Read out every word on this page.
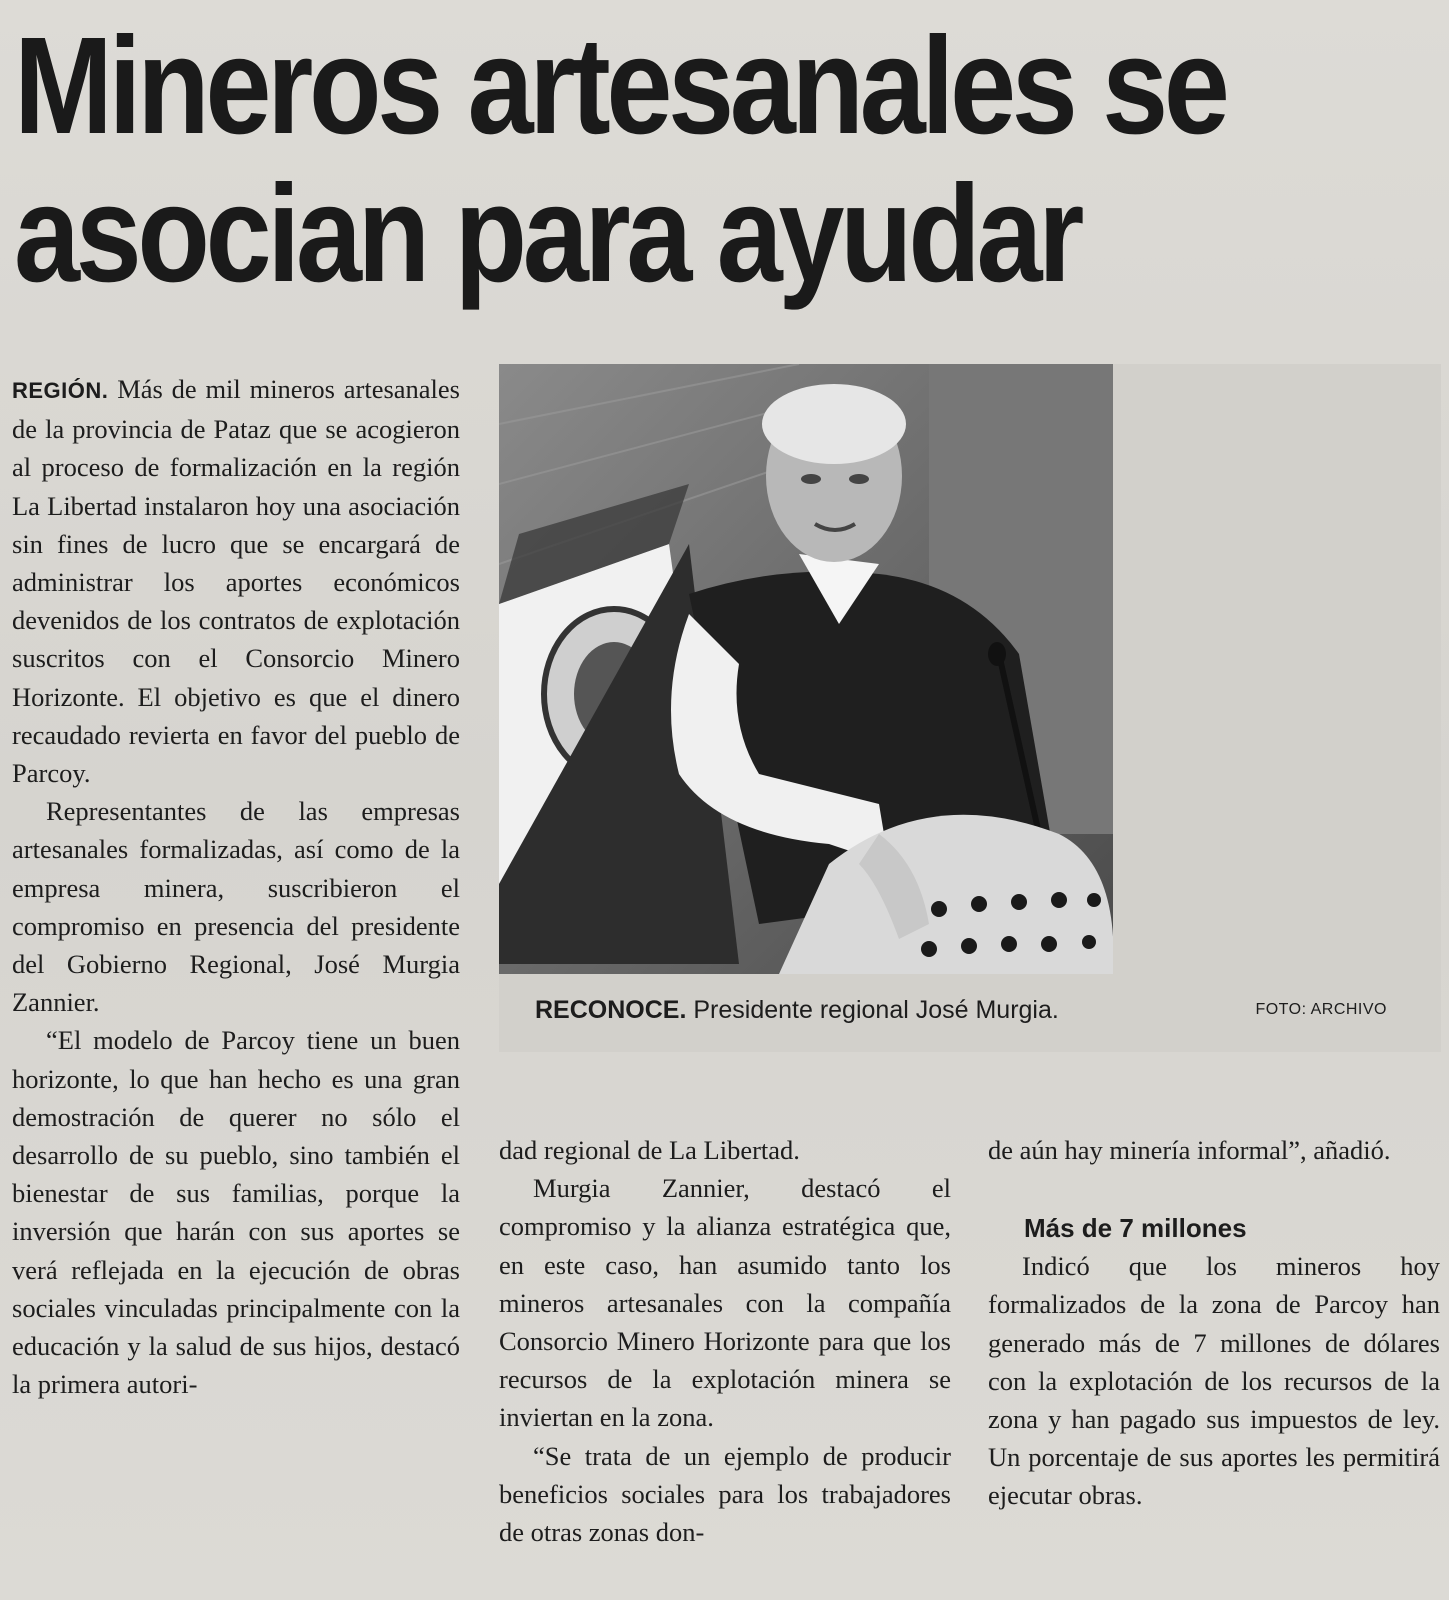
Mineros artesanales se
asocian para ayudar

REGIÓN. Más de mil mineros artesanales de la provincia de Pataz que se acogieron al proceso de formalización en la región La Libertad instalaron hoy una asociación sin fines de lucro que se encargará de administrar los aportes económicos devenidos de los contratos de explotación suscritos con el Consorcio Minero Horizonte. El objetivo es que el dinero recaudado revierta en favor del pueblo de Parcoy.

Representantes de las empresas artesanales formalizadas, así como de la empresa minera, suscribieron el compromiso en presencia del presidente del Gobierno Regional, José Murgia Zannier.

“El modelo de Parcoy tiene un buen horizonte, lo que han hecho es una gran demostración de querer no sólo el desarrollo de su pueblo, sino también el bienestar de sus familias, porque la inversión que harán con sus aportes se verá reflejada en la ejecución de obras sociales vinculadas principalmente con la educación y la salud de sus hijos, destacó la primera autori-

RECONOCE. Presidente regional José Murgia.	FOTO: ARCHIVO

dad regional de La Libertad.

Murgia Zannier, destacó el compromiso y la alianza estratégica que, en este caso, han asumido tanto los mineros artesanales con la compañía Consorcio Minero Horizonte para que los recursos de la explotación minera se inviertan en la zona.

“Se trata de un ejemplo de producir beneficios sociales para los trabajadores de otras zonas don-

de aún hay minería informal”, añadió.

Más de 7 millones

Indicó que los mineros hoy formalizados de la zona de Parcoy han generado más de 7 millones de dólares con la explotación de los recursos de la zona y han pagado sus impuestos de ley. Un porcentaje de sus aportes les permitirá ejecutar obras.
